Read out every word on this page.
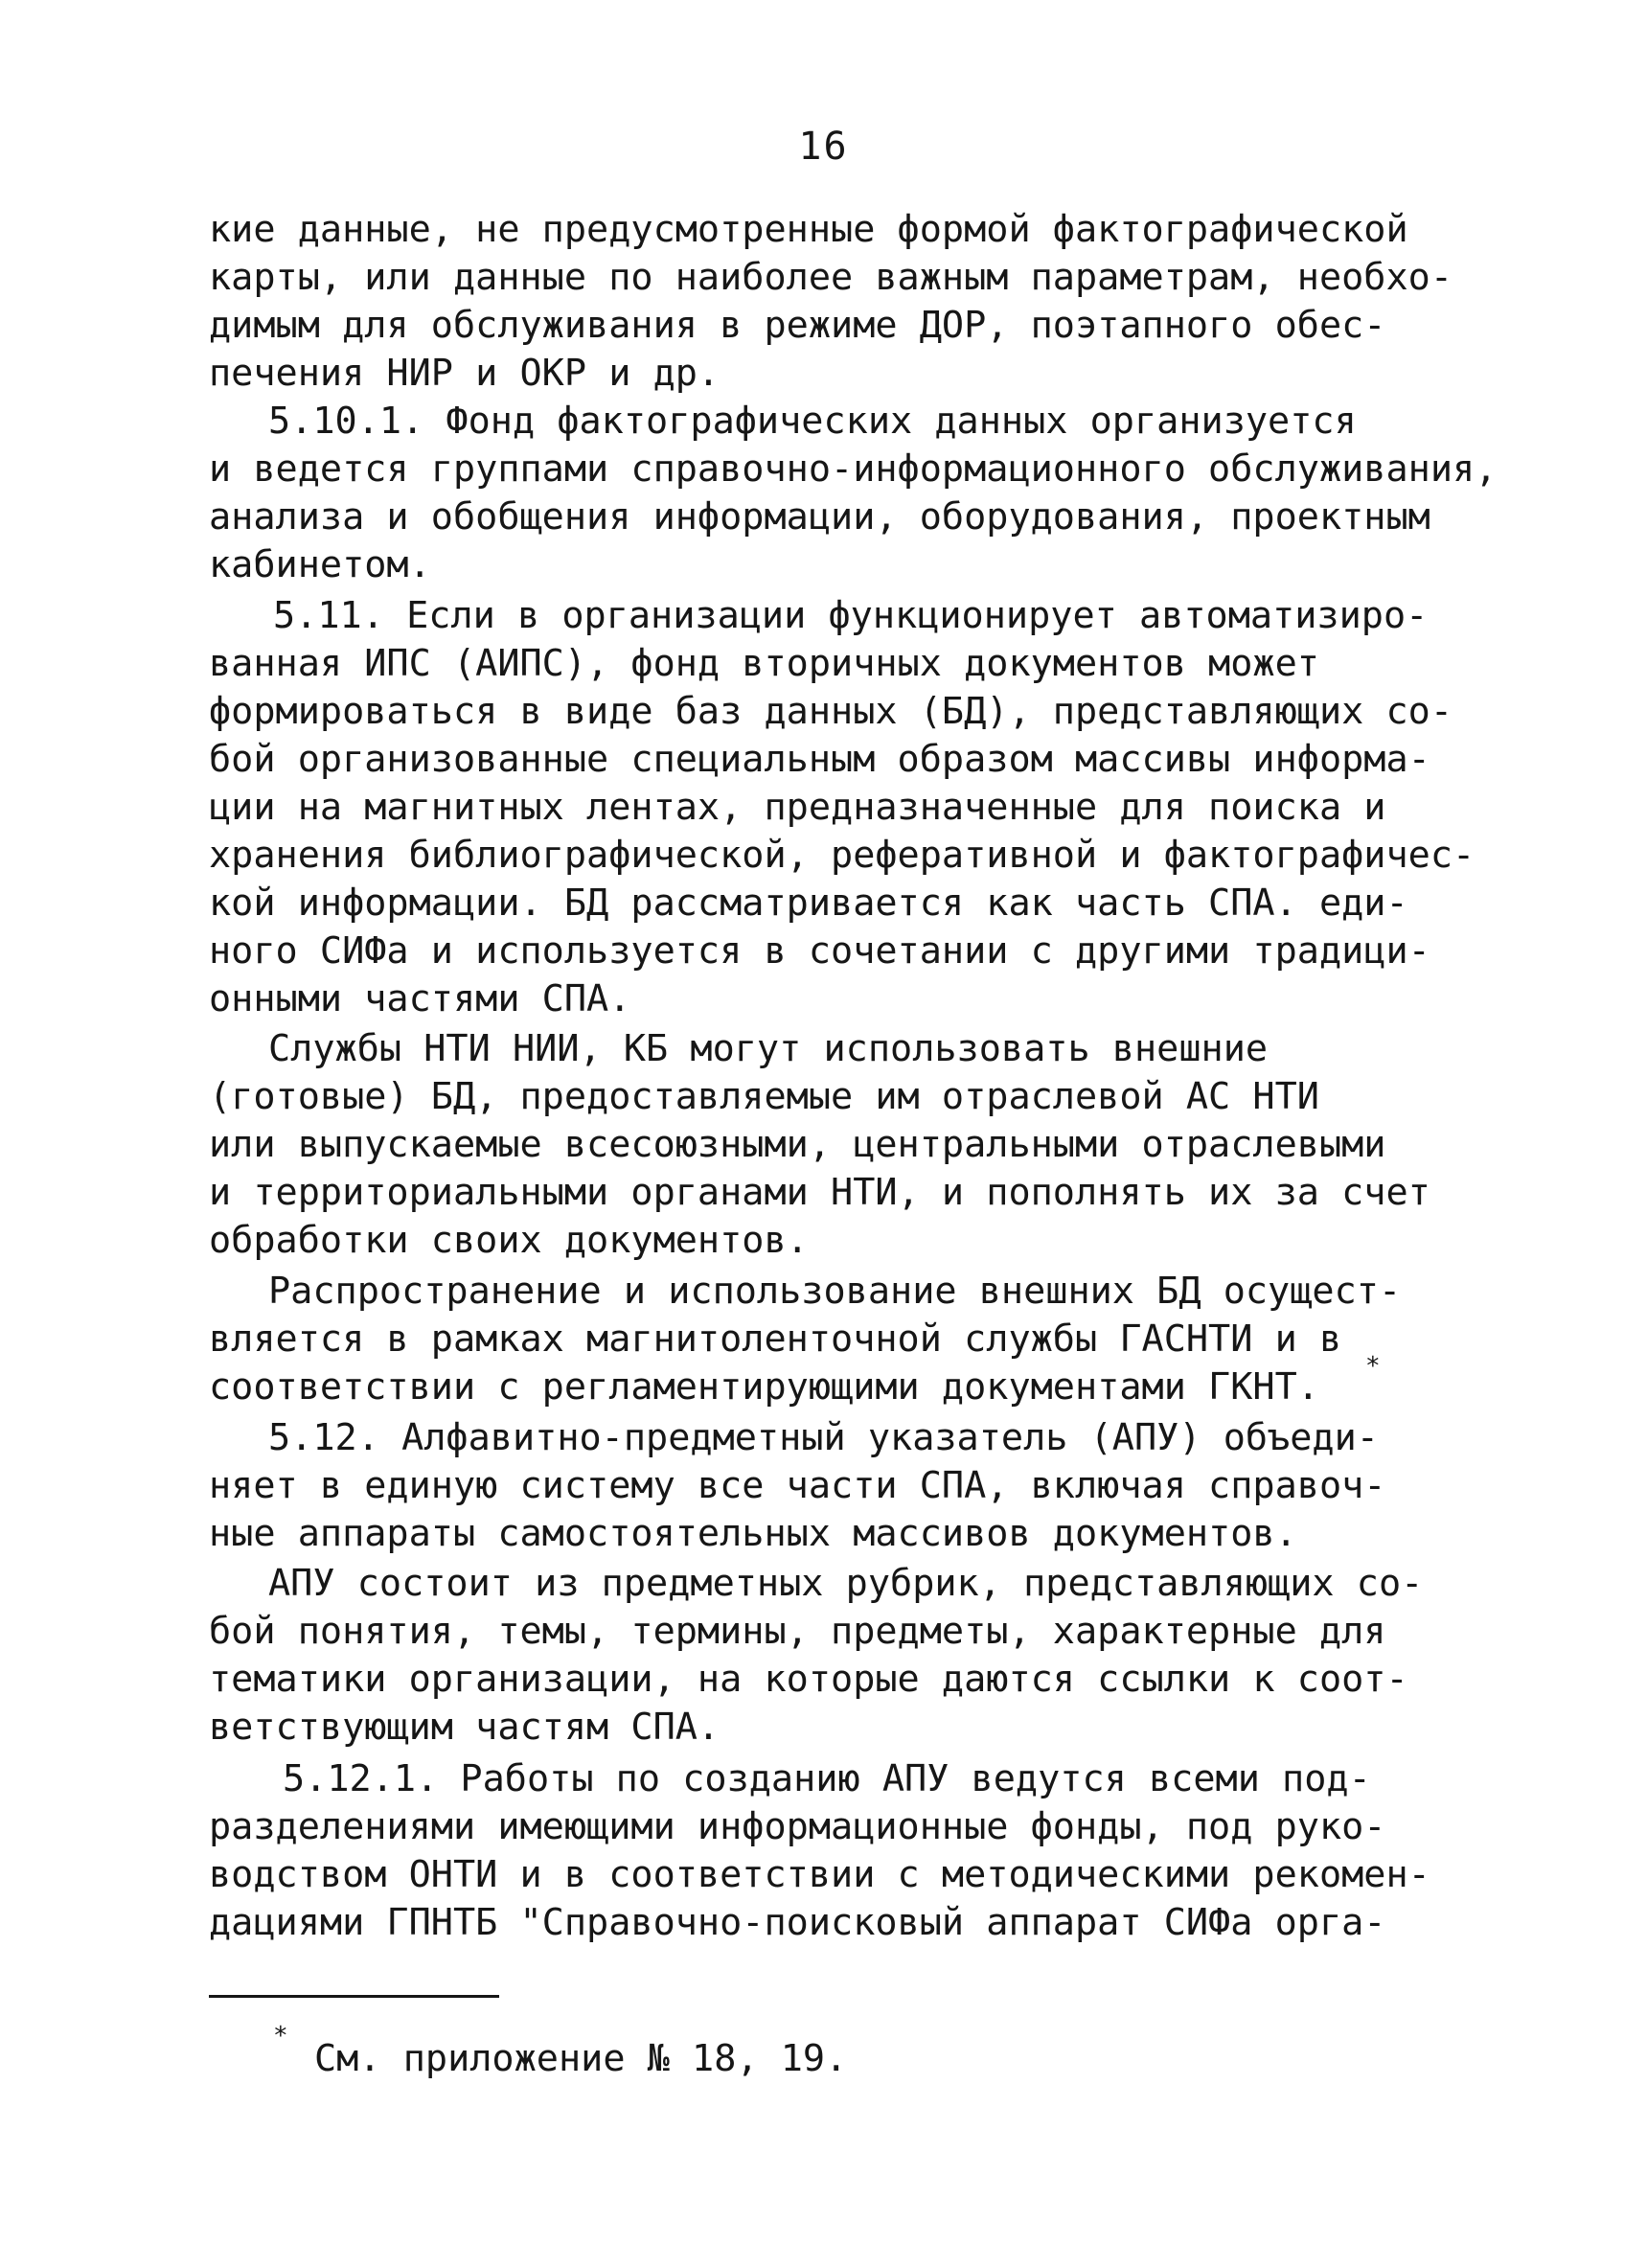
16
кие данные, не предусмотренные формой фактографической
карты, или данные по наиболее важным параметрам, необхо-
димым для обслуживания в режиме ДОР, поэтапного обес-
печения НИР и ОКР и др.
5.10.1. Фонд фактографических данных организуется
и ведется группами справочно-информационного обслуживания,
анализа и обобщения информации, оборудования, проектным
кабинетом.
5.11. Если в организации функционирует автоматизиро-
ванная ИПС (АИПС), фонд вторичных документов может
формироваться в виде баз данных (БД), представляющих со-
бой организованные специальным образом массивы информа-
ции на магнитных лентах, предназначенные для поиска и
хранения библиографической, реферативной и фактографичес-
кой информации. БД рассматривается как часть СПА. еди-
ного СИФа и используется в сочетании с другими традици-
онными частями СПА.
Службы НТИ НИИ, КБ могут использовать внешние
(готовые) БД, предоставляемые им отраслевой АС НТИ
или выпускаемые всесоюзными, центральными отраслевыми
и территориальными органами НТИ, и пополнять их за счет
обработки своих документов.
Распространение и использование внешних БД осущест-
вляется в рамках магнитоленточной службы ГАСНТИ и в
соответствии с регламентирующими документами ГКНТ. *
5.12. Алфавитно-предметный указатель (АПУ) объеди-
няет в единую систему все части СПА, включая справоч-
ные аппараты самостоятельных массивов документов.
АПУ состоит из предметных рубрик, представляющих со-
бой понятия, темы, термины, предметы, характерные для
тематики организации, на которые даются ссылки к соот-
ветствующим частям СПА.
5.12.1. Работы по созданию АПУ ведутся всеми под-
разделениями имеющими информационные фонды, под руко-
водством ОНТИ и в соответствии с методическими рекомен-
дациями ГПНТБ "Справочно-поисковый аппарат СИФа орга-
*
См. приложение № 18, 19.
